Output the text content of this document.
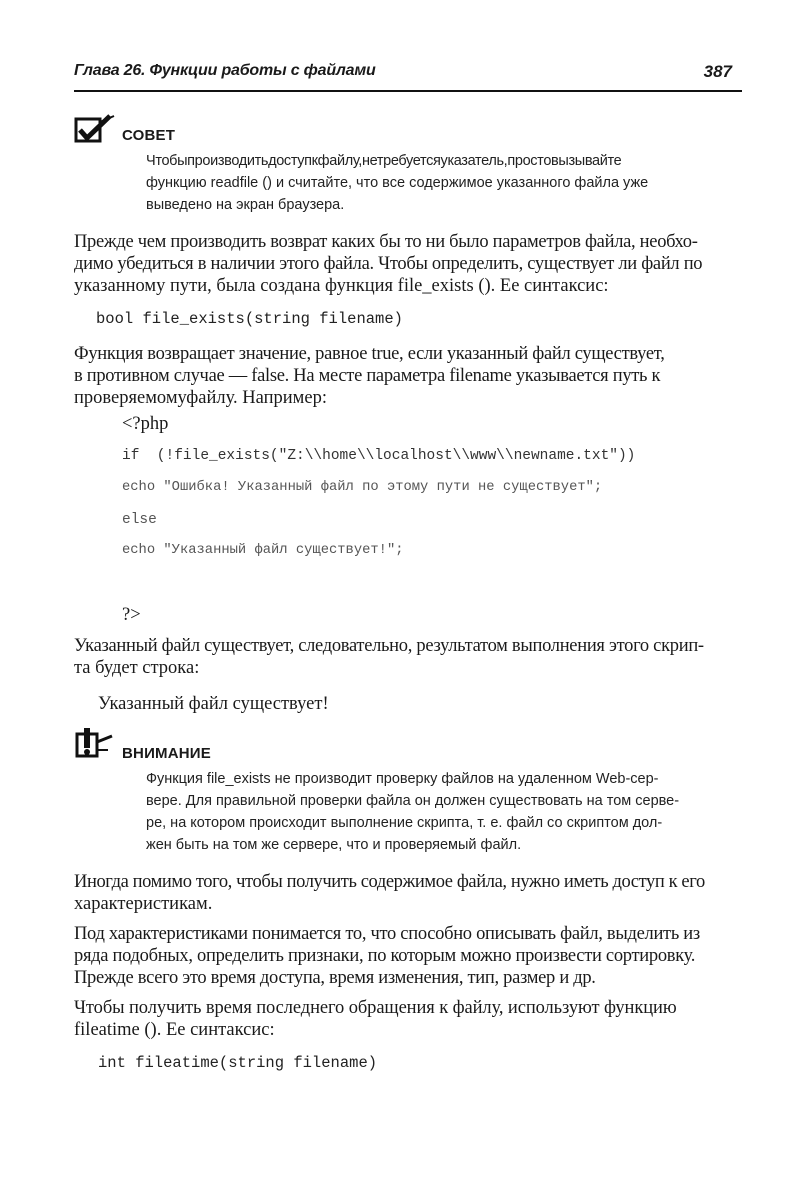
Глава 26. Функции работы с файлами	387
СОВЕТ
Чтобыпроизводитьдоступкфайлу,нетребуетсяуказатель,простовызывайте
функцию readfile () и считайте, что все содержимое указанного файла уже
выведено на экран браузера.
Прежде чем производить возврат каких бы то ни было параметров файла, необхо-
димо убедиться в наличии этого файла. Чтобы определить, существует ли файл по
указанному пути, была создана функция file_exists (). Ее синтаксис:
bool file_exists(string filename)
Функция возвращает значение, равное true, если указанный файл существует,
в противном случае — false. На месте параметра filename указывается путь к
проверяемомуфайлу. Например:
<?php
if  (!file_exists("Z:\\home\\localhost\\www\\newname.txt"))
echo "Ошибка! Указанный файл по этому пути не существует";
else
echo "Указанный файл существует!";
?>
Указанный файл существует, следовательно, результатом выполнения этого скрип-
та будет строка:
Указанный файл существует!
ВНИМАНИЕ
Функция file_exists не производит проверку файлов на удаленном Web-сер-
вере. Для правильной проверки файла он должен существовать на том серве-
ре, на котором происходит выполнение скрипта, т. е. файл со скриптом дол-
жен быть на том же сервере, что и проверяемый файл.
Иногда помимо того, чтобы получить содержимое файла, нужно иметь доступ к его
характеристикам.
Под характеристиками понимается то, что способно описывать файл, выделить из
ряда подобных, определить признаки, по которым можно произвести сортировку.
Прежде всего это время доступа, время изменения, тип, размер и др.
Чтобы получить время последнего обращения к файлу, используют функцию
fileatime (). Ее синтаксис:
int fileatime(string filename)
